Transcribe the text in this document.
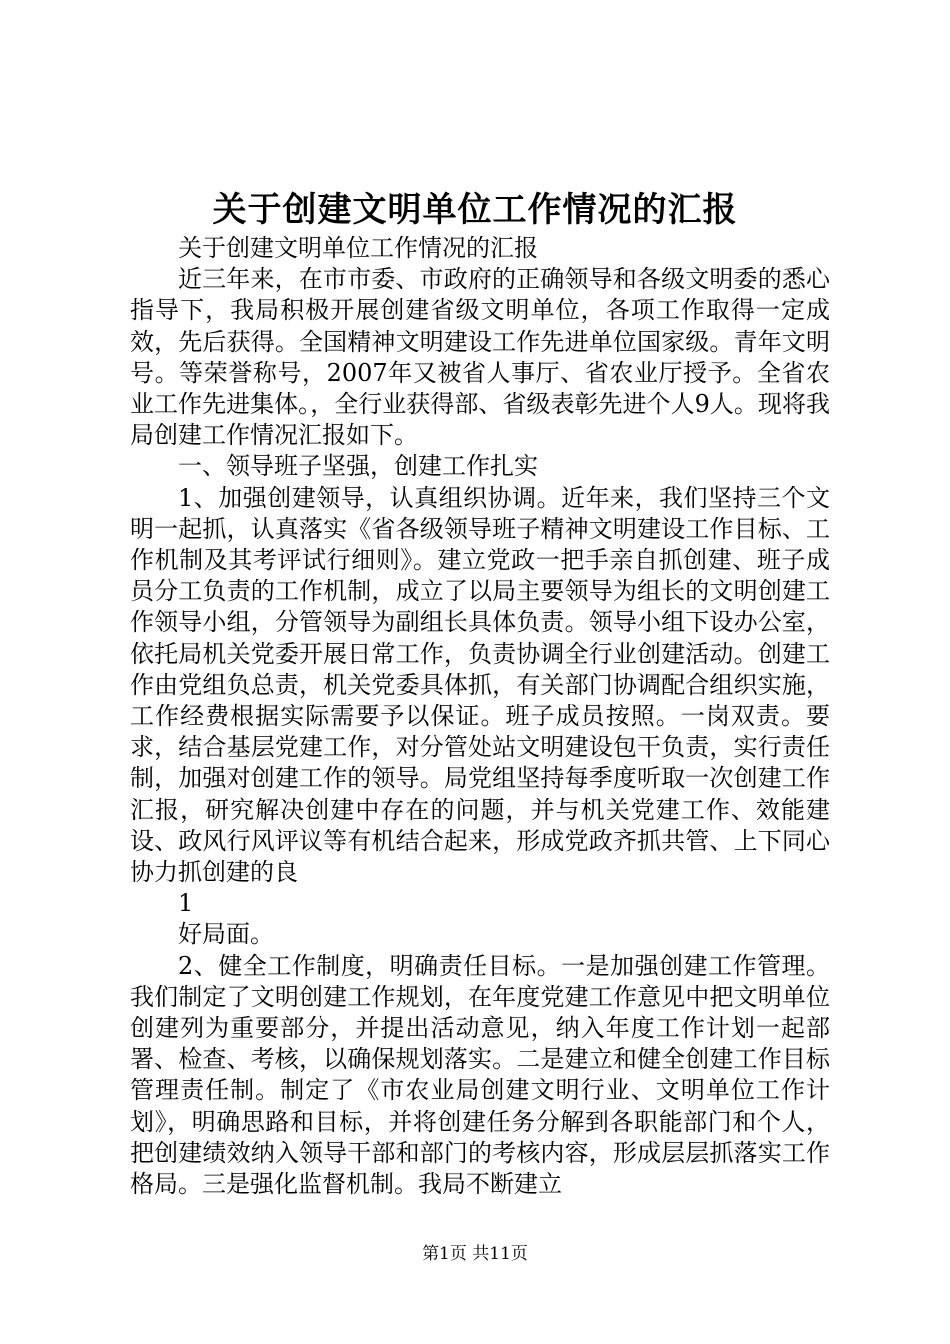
关于创建文明单位工作情况的汇报

关于创建文明单位工作情况的汇报

近三年来，在市市委、市政府的正确领导和各级文明委的悉心指导下，我局积极开展创建省级文明单位，各项工作取得一定成效，先后获得。全国精神文明建设工作先进单位国家级。青年文明号。等荣誉称号，2007年又被省人事厅、省农业厅授予。全省农业工作先进集体。，全行业获得部、省级表彰先进个人9人。现将我局创建工作情况汇报如下。

一、领导班子坚强，创建工作扎实

1、加强创建领导，认真组织协调。近年来，我们坚持三个文明一起抓，认真落实《省各级领导班子精神文明建设工作目标、工作机制及其考评试行细则》。建立党政一把手亲自抓创建、班子成员分工负责的工作机制，成立了以局主要领导为组长的文明创建工作领导小组，分管领导为副组长具体负责。领导小组下设办公室，依托局机关党委开展日常工作，负责协调全行业创建活动。创建工作由党组负总责，机关党委具体抓，有关部门协调配合组织实施，工作经费根据实际需要予以保证。班子成员按照。一岗双责。要求，结合基层党建工作，对分管处站文明建设包干负责，实行责任制，加强对创建工作的领导。局党组坚持每季度听取一次创建工作汇报，研究解决创建中存在的问题，并与机关党建工作、效能建设、政风行风评议等有机结合起来，形成党政齐抓共管、上下同心协力抓创建的良

1

好局面。

2、健全工作制度，明确责任目标。一是加强创建工作管理。我们制定了文明创建工作规划，在年度党建工作意见中把文明单位创建列为重要部分，并提出活动意见，纳入年度工作计划一起部署、检查、考核，以确保规划落实。二是建立和健全创建工作目标管理责任制。制定了《市农业局创建文明行业、文明单位工作计划》，明确思路和目标，并将创建任务分解到各职能部门和个人，把创建绩效纳入领导干部和部门的考核内容，形成层层抓落实工作格局。三是强化监督机制。我局不断建立

第1页 共11页
